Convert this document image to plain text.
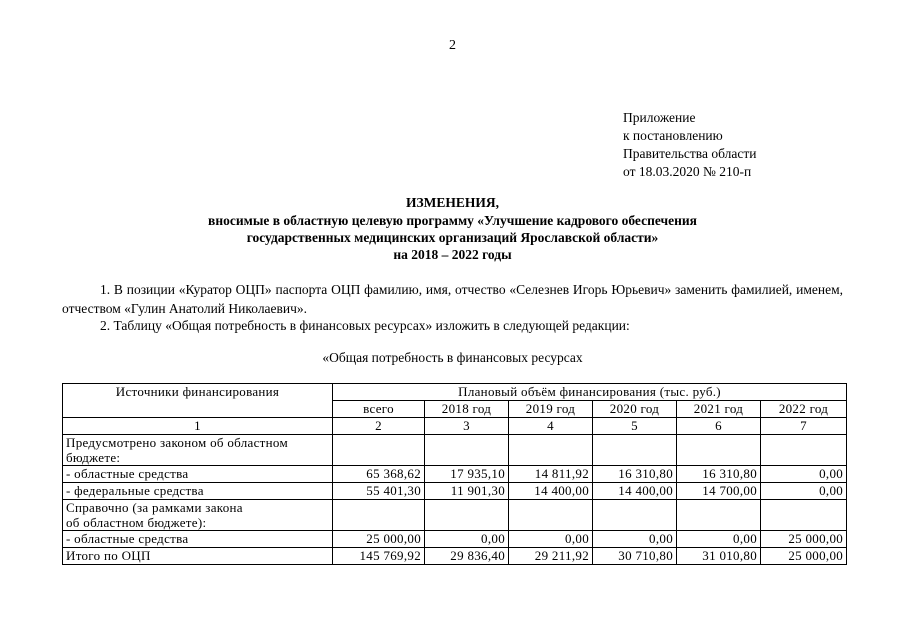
2
Приложение
к постановлению
Правительства области
от 18.03.2020 № 210-п
ИЗМЕНЕНИЯ,
вносимые в областную целевую программу «Улучшение кадрового обеспечения
государственных медицинских организаций Ярославской области»
на 2018 – 2022 годы
1. В позиции «Куратор ОЦП» паспорта ОЦП фамилию, имя, отчество «Селезнев Игорь Юрьевич» заменить фамилией, именем, отчеством «Гулин Анатолий Николаевич».
2. Таблицу «Общая потребность в финансовых ресурсах» изложить в следующей редакции:
«Общая потребность в финансовых ресурсах
Источники финансирования	Плановый объём финансирования (тыс. руб.)					
	всего	2018 год	2019 год	2020 год	2021 год	2022 год
1	2	3	4	5	6	7

Предусмотрено законом об областном
бюджете:						

- областные средства	65 368,62	17 935,10	14 811,92	16 310,80	16 310,80	0,00
- федеральные средства	55 401,30	11 901,30	14 400,00	14 400,00	14 700,00	0,00

Справочно (за рамками закона
об областном бюджете):						

- областные средства	25 000,00	0,00	0,00	0,00	0,00	25 000,00
Итого по ОЦП	145 769,92	29 836,40	29 211,92	30 710,80	31 010,80	25 000,00
